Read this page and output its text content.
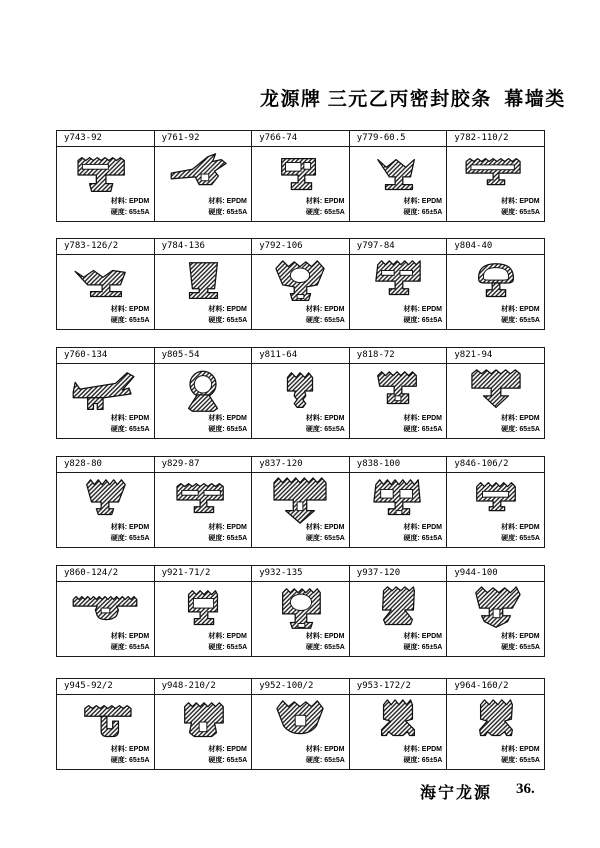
龙源牌 三元乙丙密封胶条  幕墙类
y743-92
材料: EPDM
硬度: 65±5A
y761-92
材料: EPDM
硬度: 65±5A
y766-74
材料: EPDM
硬度: 65±5A
y779-60.5
材料: EPDM
硬度: 65±5A
y782-110/2
材料: EPDM
硬度: 65±5A
y783-126/2
材料: EPDM
硬度: 65±5A
y784-136
材料: EPDM
硬度: 65±5A
y792-106
材料: EPDM
硬度: 65±5A
y797-84
材料: EPDM
硬度: 65±5A
y804-40
材料: EPDM
硬度: 65±5A
y760-134
材料: EPDM
硬度: 65±5A
y805-54
材料: EPDM
硬度: 65±5A
y811-64
材料: EPDM
硬度: 65±5A
y818-72
材料: EPDM
硬度: 65±5A
y821-94
材料: EPDM
硬度: 65±5A
y828-80
材料: EPDM
硬度: 65±5A
y829-87
材料: EPDM
硬度: 65±5A
y837-120
材料: EPDM
硬度: 65±5A
y838-100
材料: EPDM
硬度: 65±5A
y846-106/2
材料: EPDM
硬度: 65±5A
y860-124/2
材料: EPDM
硬度: 65±5A
y921-71/2
材料: EPDM
硬度: 65±5A
y932-135
材料: EPDM
硬度: 65±5A
y937-120
材料: EPDM
硬度: 65±5A
y944-100
材料: EPDM
硬度: 65±5A
y945-92/2
材料: EPDM
硬度: 65±5A
y948-210/2
材料: EPDM
硬度: 65±5A
y952-100/2
材料: EPDM
硬度: 65±5A
y953-172/2
材料: EPDM
硬度: 65±5A
y964-160/2
材料: EPDM
硬度: 65±5A
海宁龙源 36.
